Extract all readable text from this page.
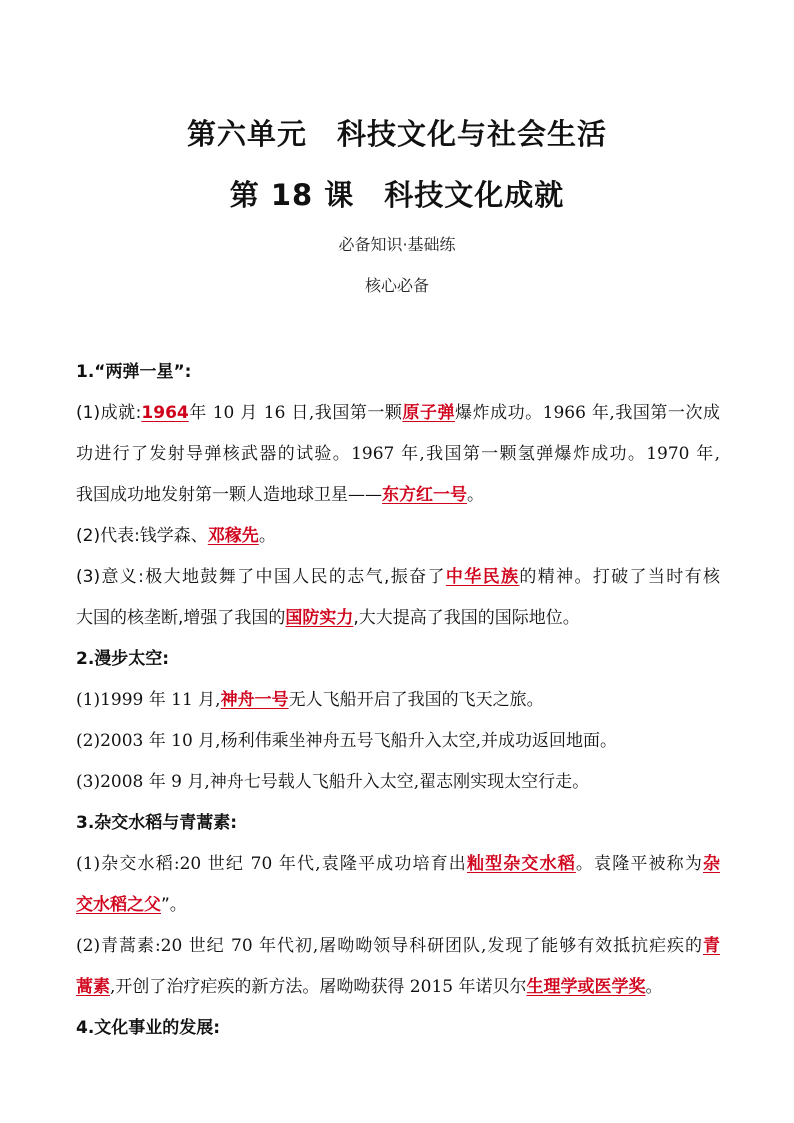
第六单元　科技文化与社会生活
第 18 课　科技文化成就
必备知识·基础练
核心必备
1.“两弹一星”:
(1)成就:1964年 10 月 16 日,我国第一颗原子弹爆炸成功。1966 年,我国第一次成
功进行了发射导弹核武器的试验。1967 年,我国第一颗氢弹爆炸成功。1970 年,
我国成功地发射第一颗人造地球卫星——东方红一号。
(2)代表:钱学森、邓稼先。
(3)意义:极大地鼓舞了中国人民的志气,振奋了中华民族的精神。打破了当时有核
大国的核垄断,增强了我国的国防实力,大大提高了我国的国际地位。
2.漫步太空:
(1)1999 年 11 月,神舟一号无人飞船开启了我国的飞天之旅。
(2)2003 年 10 月,杨利伟乘坐神舟五号飞船升入太空,并成功返回地面。
(3)2008 年 9 月,神舟七号载人飞船升入太空,翟志刚实现太空行走。
3.杂交水稻与青蒿素:
(1)杂交水稻:20 世纪 70 年代,袁隆平成功培育出籼型杂交水稻。袁隆平被称为杂
交水稻之父”。
(2)青蒿素:20 世纪 70 年代初,屠呦呦领导科研团队,发现了能够有效抵抗疟疾的青
蒿素,开创了治疗疟疾的新方法。屠呦呦获得 2015 年诺贝尔生理学或医学奖。
4.文化事业的发展:
